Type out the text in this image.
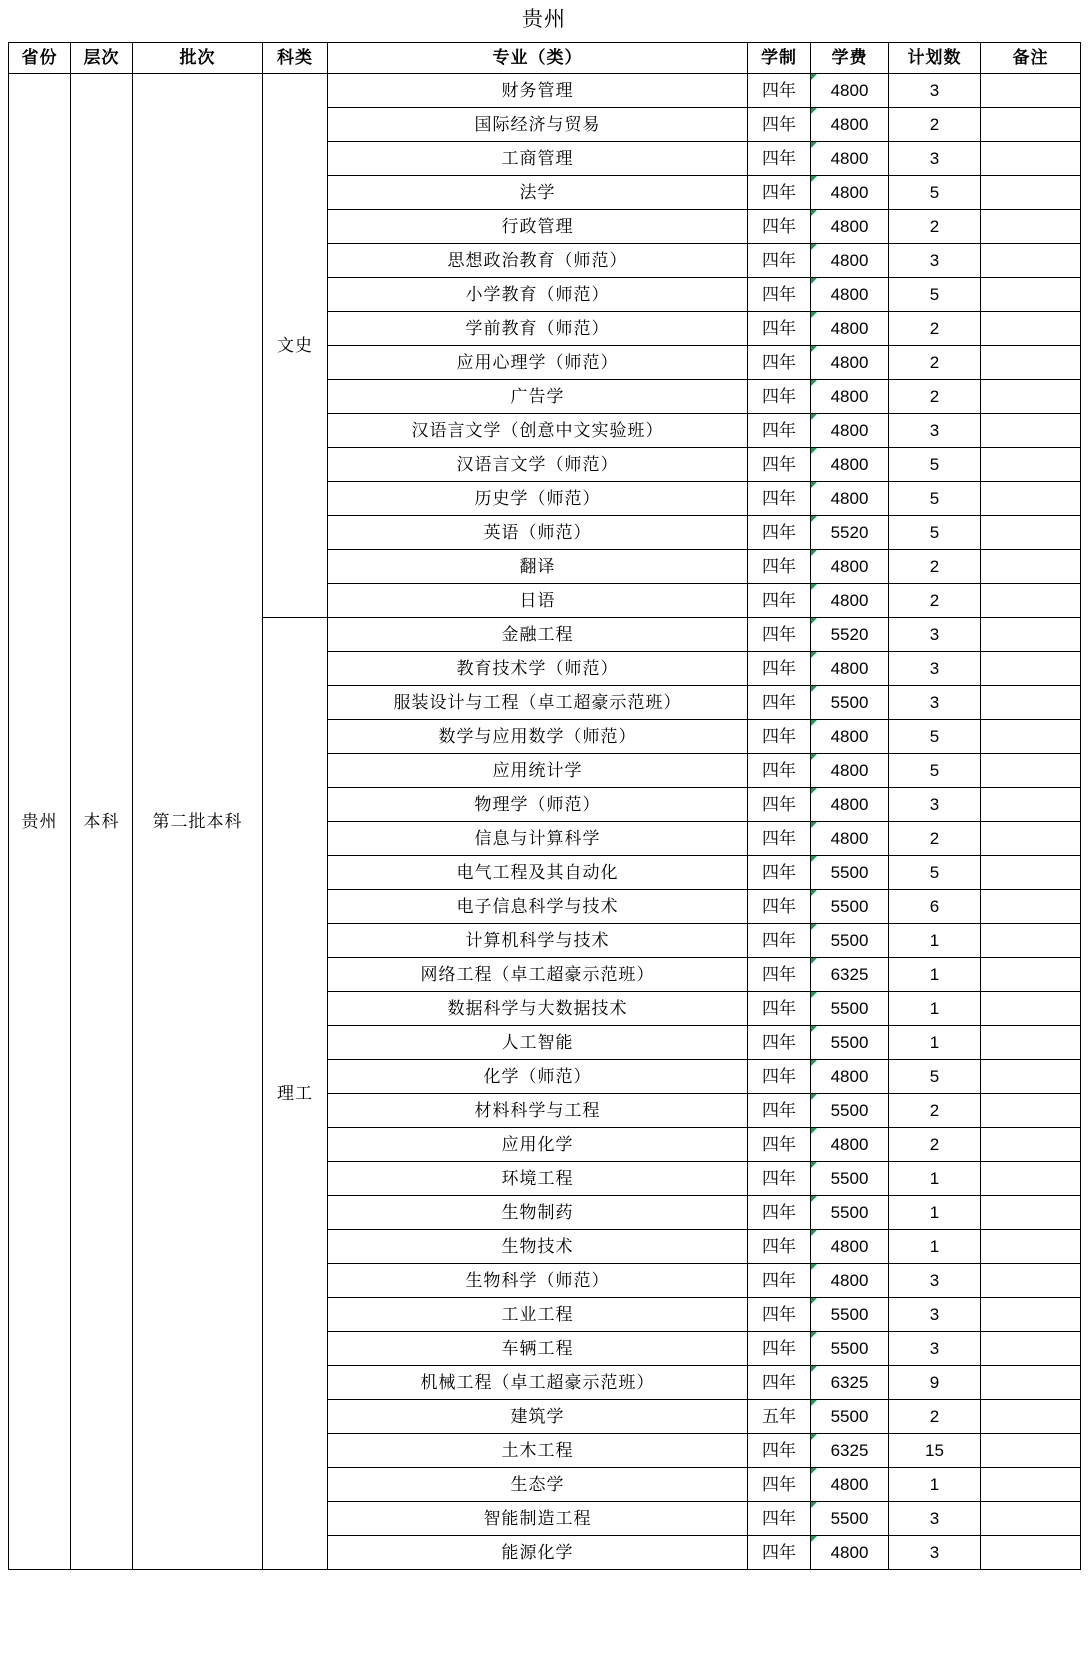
贵州
省份	层次	批次	科类	专业（类）	学制	学费	计划数	备注
贵州	本科	第二批本科	文史	财务管理	四年	4800	3	
				国际经济与贸易	四年	4800	2	
				工商管理	四年	4800	3	
				法学	四年	4800	5	
				行政管理	四年	4800	2	
				思想政治教育（师范）	四年	4800	3	
				小学教育（师范）	四年	4800	5	
				学前教育（师范）	四年	4800	2	
				应用心理学（师范）	四年	4800	2	
				广告学	四年	4800	2	
				汉语言文学（创意中文实验班）	四年	4800	3	
				汉语言文学（师范）	四年	4800	5	
				历史学（师范）	四年	4800	5	
				英语（师范）	四年	5520	5	
				翻译	四年	4800	2	
				日语	四年	4800	2	
			理工	金融工程	四年	5520	3	
				教育技术学（师范）	四年	4800	3	
				服装设计与工程（卓工超豪示范班）	四年	5500	3	
				数学与应用数学（师范）	四年	4800	5	
				应用统计学	四年	4800	5	
				物理学（师范）	四年	4800	3	
				信息与计算科学	四年	4800	2	
				电气工程及其自动化	四年	5500	5	
				电子信息科学与技术	四年	5500	6	
				计算机科学与技术	四年	5500	1	
				网络工程（卓工超豪示范班）	四年	6325	1	
				数据科学与大数据技术	四年	5500	1	
				人工智能	四年	5500	1	
				化学（师范）	四年	4800	5	
				材料科学与工程	四年	5500	2	
				应用化学	四年	4800	2	
				环境工程	四年	5500	1	
				生物制药	四年	5500	1	
				生物技术	四年	4800	1	
				生物科学（师范）	四年	4800	3	
				工业工程	四年	5500	3	
				车辆工程	四年	5500	3	
				机械工程（卓工超豪示范班）	四年	6325	9	
				建筑学	五年	5500	2	
				土木工程	四年	6325	15	
				生态学	四年	4800	1	
				智能制造工程	四年	5500	3	
				能源化学	四年	4800	3	
